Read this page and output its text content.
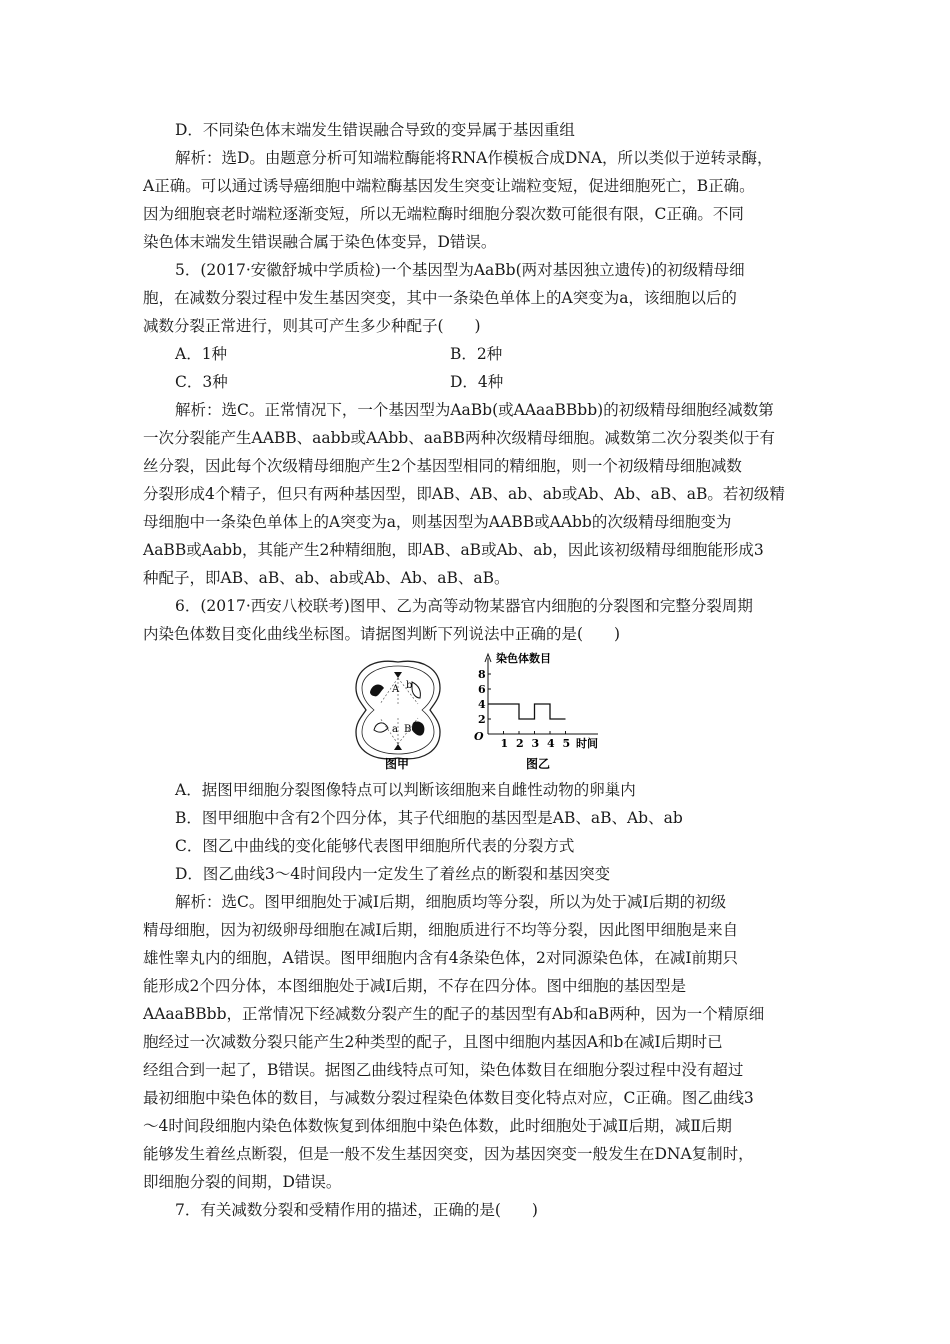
D．不同染色体末端发生错误融合导致的变异属于基因重组
解析：选D。由题意分析可知端粒酶能将RNA作模板合成DNA，所以类似于逆转录酶，
A正确。可以通过诱导癌细胞中端粒酶基因发生突变让端粒变短，促进细胞死亡，B正确。
因为细胞衰老时端粒逐渐变短，所以无端粒酶时细胞分裂次数可能很有限，C正确。不同
染色体末端发生错误融合属于染色体变异，D错误。
5．(2017·安徽舒城中学质检)一个基因型为AaBb(两对基因独立遗传)的初级精母细
胞，在减数分裂过程中发生基因突变，其中一条染色单体上的A突变为a，该细胞以后的
减数分裂正常进行，则其可产生多少种配子(　　)
A．1种	B．2种
C．3种	D．4种
解析：选C。正常情况下，一个基因型为AaBb(或AAaaBBbb)的初级精母细胞经减数第
一次分裂能产生AABB、aabb或AAbb、aaBB两种次级精母细胞。减数第二次分裂类似于有
丝分裂，因此每个次级精母细胞产生2个基因型相同的精细胞，则一个初级精母细胞减数
分裂形成4个精子，但只有两种基因型，即AB、AB、ab、ab或Ab、Ab、aB、aB。若初级精
母细胞中一条染色单体上的A突变为a，则基因型为AABB或AAbb的次级精母细胞变为
AaBB或Aabb，其能产生2种精细胞，即AB、aB或Ab、ab，因此该初级精母细胞能形成3
种配子，即AB、aB、ab、ab或Ab、Ab、aB、aB。
6．(2017·西安八校联考)图甲、乙为高等动物某器官内细胞的分裂图和完整分裂周期
内染色体数目变化曲线坐标图。请据图判断下列说法中正确的是(　　)
A b
a B
染色体数目
O
时间
2
4
6
8
1 2 3 4 5
图甲	图乙
A．据图甲细胞分裂图像特点可以判断该细胞来自雌性动物的卵巢内
B．图甲细胞中含有2个四分体，其子代细胞的基因型是AB、aB、Ab、ab
C．图乙中曲线的变化能够代表图甲细胞所代表的分裂方式
D．图乙曲线3～4时间段内一定发生了着丝点的断裂和基因突变
解析：选C。图甲细胞处于减Ⅰ后期，细胞质均等分裂，所以为处于减Ⅰ后期的初级
精母细胞，因为初级卵母细胞在减Ⅰ后期，细胞质进行不均等分裂，因此图甲细胞是来自
雄性睾丸内的细胞，A错误。图甲细胞内含有4条染色体，2对同源染色体，在减Ⅰ前期只
能形成2个四分体，本图细胞处于减Ⅰ后期，不存在四分体。图中细胞的基因型是
AAaaBBbb，正常情况下经减数分裂产生的配子的基因型有Ab和aB两种，因为一个精原细
胞经过一次减数分裂只能产生2种类型的配子，且图中细胞内基因A和b在减Ⅰ后期时已
经组合到一起了，B错误。据图乙曲线特点可知，染色体数目在细胞分裂过程中没有超过
最初细胞中染色体的数目，与减数分裂过程染色体数目变化特点对应，C正确。图乙曲线3
～4时间段细胞内染色体数恢复到体细胞中染色体数，此时细胞处于减Ⅱ后期，减Ⅱ后期
能够发生着丝点断裂，但是一般不发生基因突变，因为基因突变一般发生在DNA复制时，
即细胞分裂的间期，D错误。
7．有关减数分裂和受精作用的描述，正确的是(　　)
